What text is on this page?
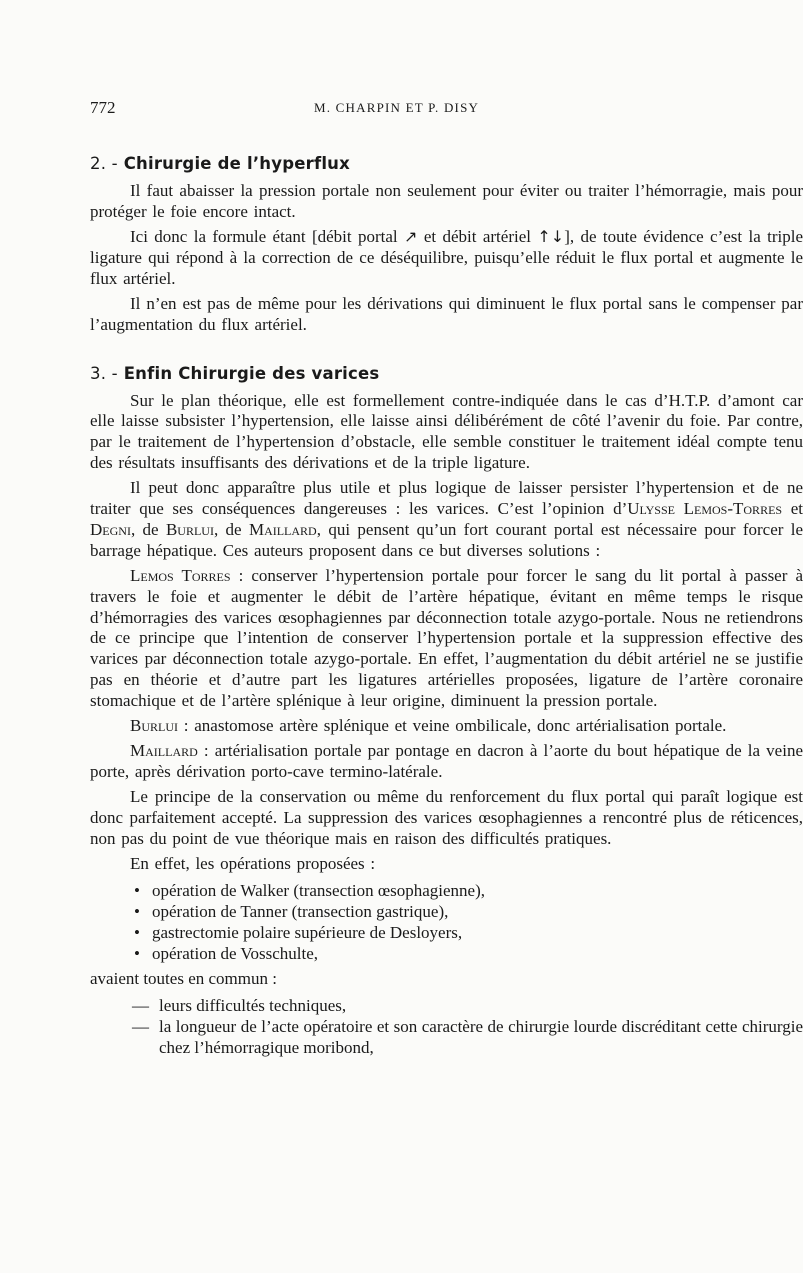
772	M. CHARPIN ET P. DISY
2. - Chirurgie de l’hyperflux

Il faut abaisser la pression portale non seulement pour éviter ou traiter l’hémorragie, mais pour protéger le foie encore intact.

Ici donc la formule étant [débit portal ↗ et débit artériel ↑↓], de toute évidence c’est la triple ligature qui répond à la correction de ce déséquilibre, puisqu’elle réduit le flux portal et augmente le flux artériel.

Il n’en est pas de même pour les dérivations qui diminuent le flux portal sans le compenser par l’augmentation du flux artériel.

3. - Enfin Chirurgie des varices

Sur le plan théorique, elle est formellement contre-indiquée dans le cas d’H.T.P. d’amont car elle laisse subsister l’hypertension, elle laisse ainsi délibérément de côté l’avenir du foie. Par contre, par le traitement de l’hypertension d’obstacle, elle semble constituer le traitement idéal compte tenu des résultats insuffisants des dérivations et de la triple ligature.

Il peut donc apparaître plus utile et plus logique de laisser persister l’hypertension et de ne traiter que ses conséquences dangereuses : les varices. C’est l’opinion d’Ulysse Lemos-Torres et Degni, de Burlui, de Maillard, qui pensent qu’un fort courant portal est nécessaire pour forcer le barrage hépatique. Ces auteurs proposent dans ce but diverses solutions :

Lemos Torres : conserver l’hypertension portale pour forcer le sang du lit portal à passer à travers le foie et augmenter le débit de l’artère hépatique, évitant en même temps le risque d’hémorragies des varices œsophagiennes par déconnection totale azygo-portale. Nous ne retiendrons de ce principe que l’intention de conserver l’hypertension portale et la suppression effective des varices par déconnection totale azygo-portale. En effet, l’augmentation du débit artériel ne se justifie pas en théorie et d’autre part les ligatures artérielles proposées, ligature de l’artère coronaire stomachique et de l’artère splénique à leur origine, diminuent la pression portale.

Burlui : anastomose artère splénique et veine ombilicale, donc artérialisation portale.

Maillard : artérialisation portale par pontage en dacron à l’aorte du bout hépatique de la veine porte, après dérivation porto-cave termino-latérale.

Le principe de la conservation ou même du renforcement du flux portal qui paraît logique est donc parfaitement accepté. La suppression des varices œsophagiennes a rencontré plus de réticences, non pas du point de vue théorique mais en raison des difficultés pratiques.

En effet, les opérations proposées :

• opération de Walker (transection œsophagienne),
• opération de Tanner (transection gastrique),
• gastrectomie polaire supérieure de Desloyers,
• opération de Vosschulte,
avaient toutes en commun :
— leurs difficultés techniques,
— la longueur de l’acte opératoire et son caractère de chirurgie lourde discréditant cette chirurgie chez l’hémorragique moribond,
